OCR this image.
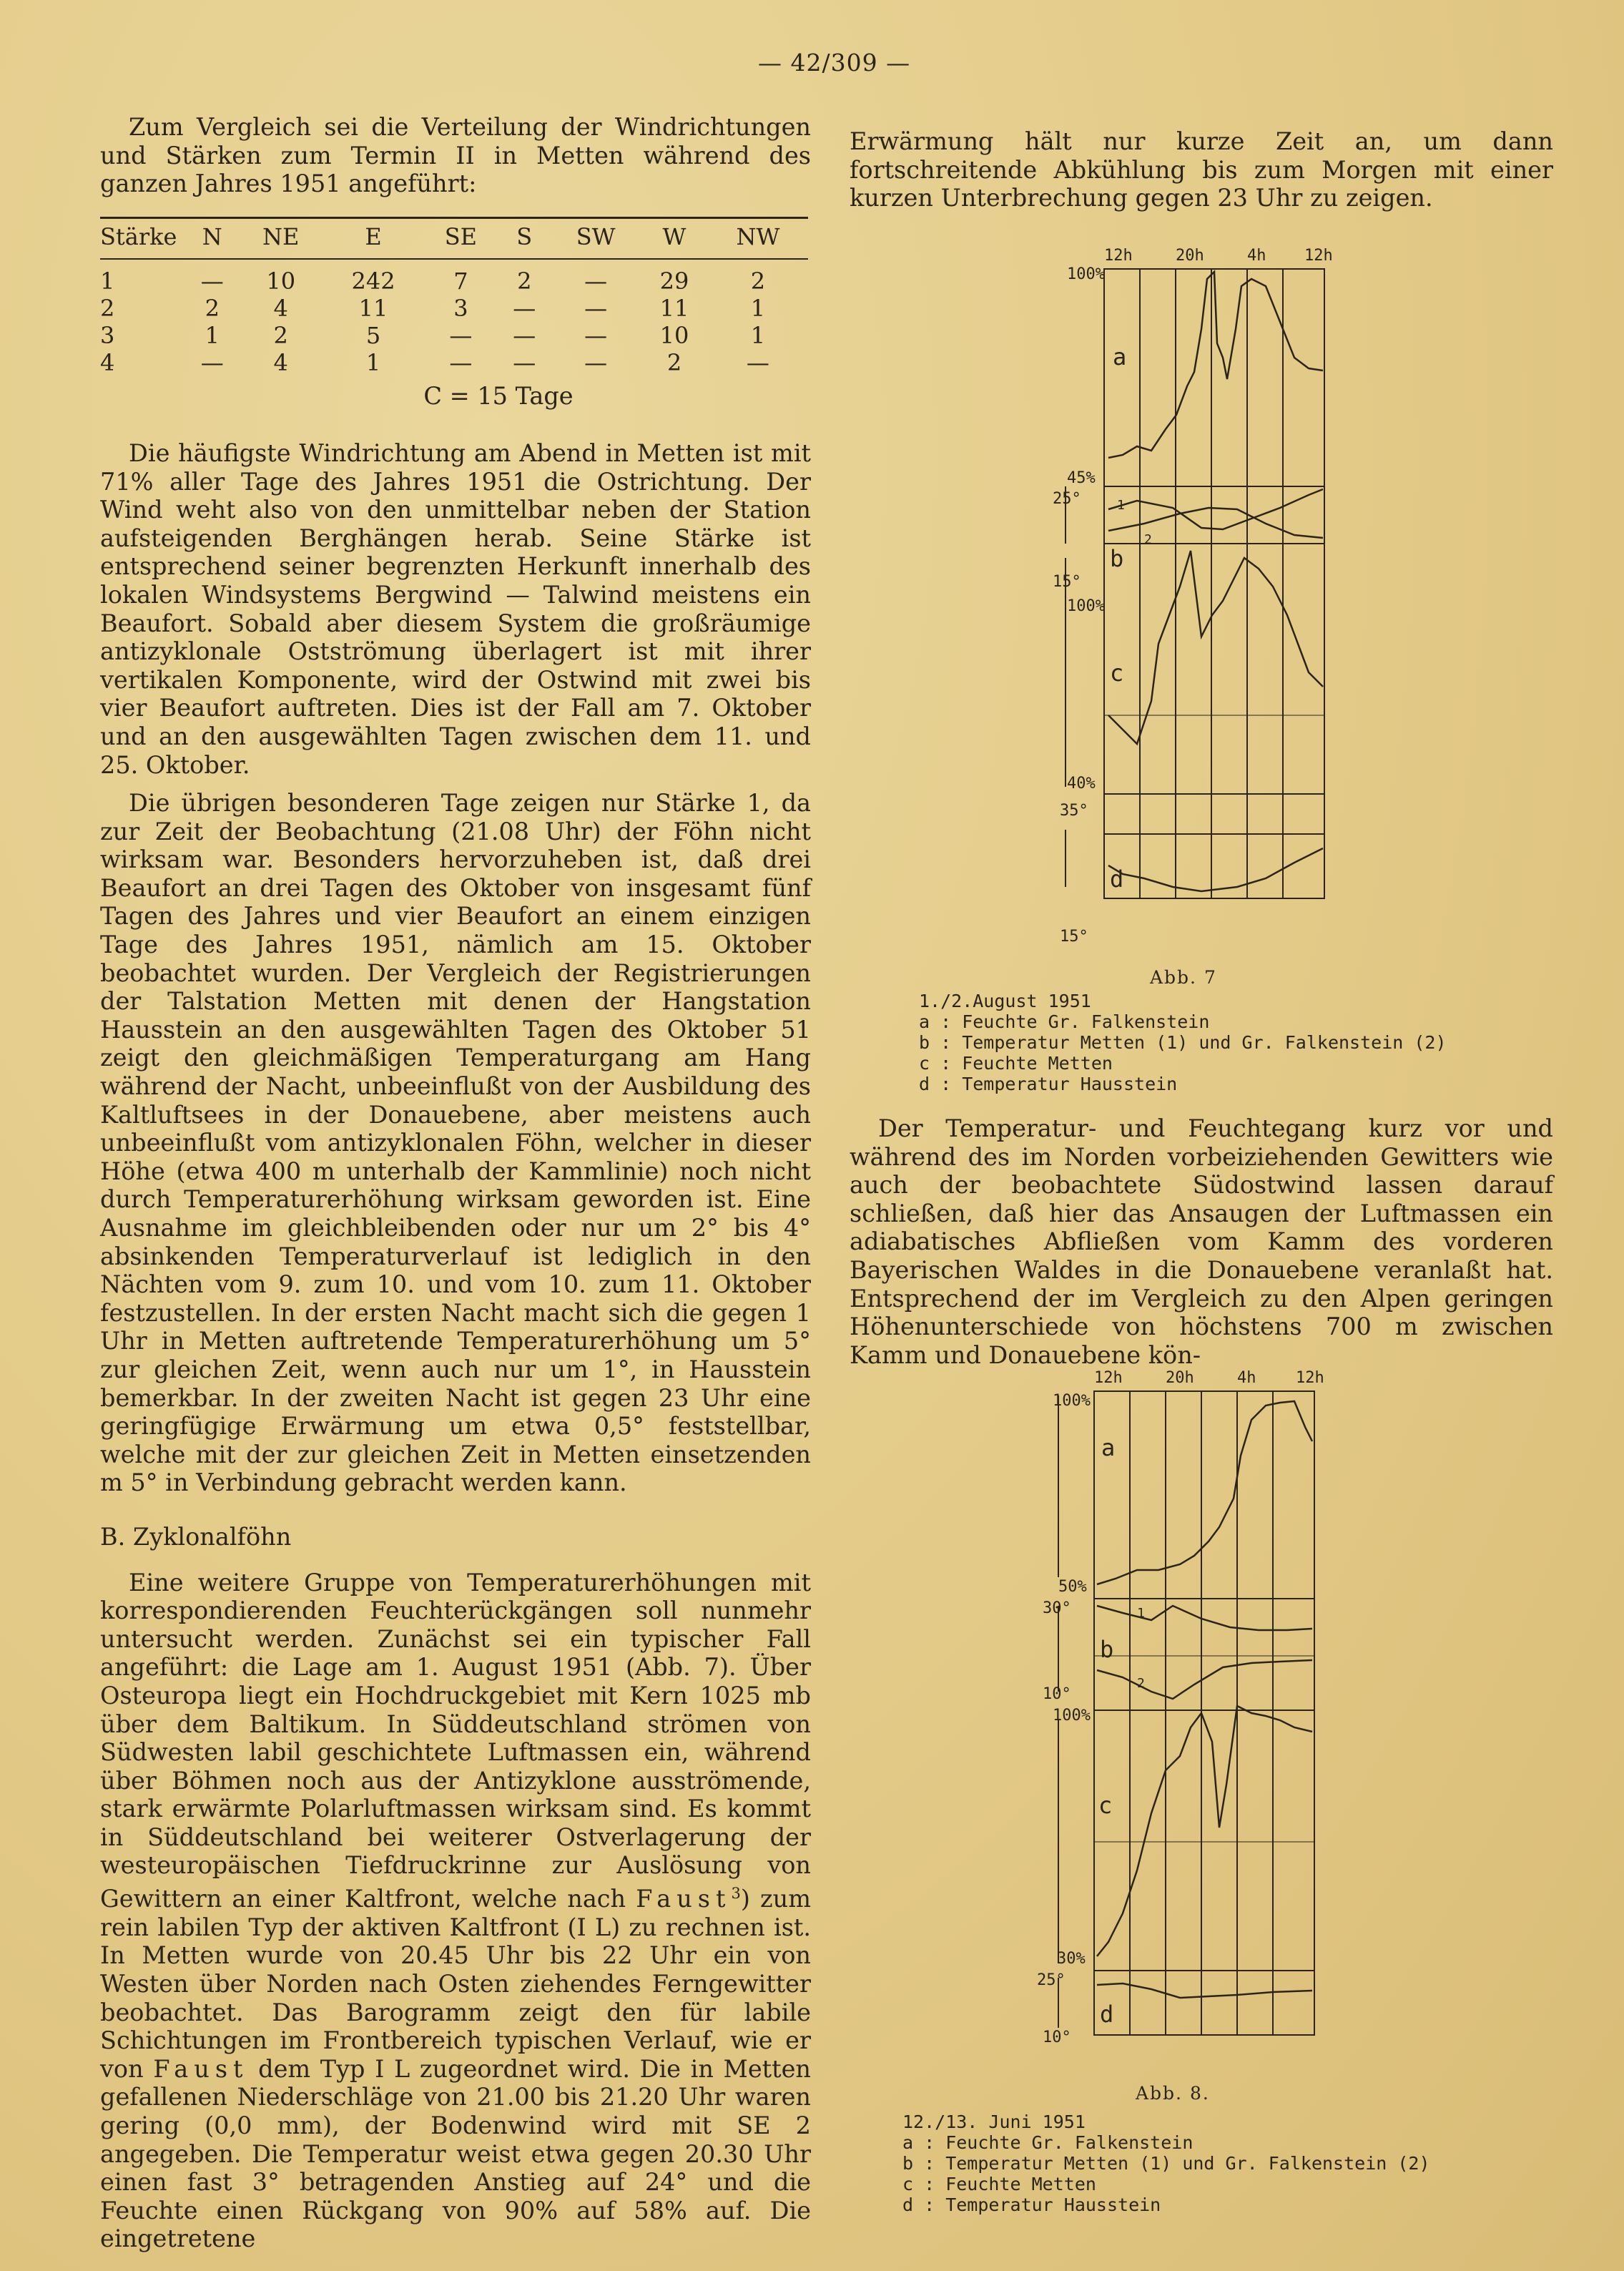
— 42/309 —

Zum Vergleich sei die Verteilung der Windrichtungen und Stärken zum Termin II in Metten während des ganzen Jahres 1951 angeführt:

Stärke	N	NE	E	SE	S	SW	W	NW
1	—	10	242	7	2	—	29	2
2	2	4	11	3	—	—	11	1
3	1	2	5	—	—	—	10	1
4	—	4	1	—	—	—	2	—
C = 15 Tage

Die häufigste Windrichtung am Abend in Metten ist mit 71% aller Tage des Jahres 1951 die Ostrichtung. Der Wind weht also von den unmittelbar neben der Station aufsteigenden Berghängen herab. Seine Stärke ist entsprechend seiner begrenzten Herkunft innerhalb des lokalen Windsystems Bergwind — Talwind meistens ein Beaufort. Sobald aber diesem System die großräumige antizyklonale Ostströmung überlagert ist mit ihrer vertikalen Komponente, wird der Ostwind mit zwei bis vier Beaufort auftreten. Dies ist der Fall am 7. Oktober und an den ausgewählten Tagen zwischen dem 11. und 25. Oktober.

Die übrigen besonderen Tage zeigen nur Stärke 1, da zur Zeit der Beobachtung (21.08 Uhr) der Föhn nicht wirksam war. Besonders hervorzuheben ist, daß drei Beaufort an drei Tagen des Oktober von insgesamt fünf Tagen des Jahres und vier Beaufort an einem einzigen Tage des Jahres 1951, nämlich am 15. Oktober beobachtet wurden. Der Vergleich der Registrierungen der Talstation Metten mit denen der Hangstation Hausstein an den ausgewählten Tagen des Oktober 51 zeigt den gleichmäßigen Temperaturgang am Hang während der Nacht, unbeeinflußt von der Ausbildung des Kaltluftsees in der Donauebene, aber meistens auch unbeeinflußt vom antizyklonalen Föhn, welcher in dieser Höhe (etwa 400 m unterhalb der Kammlinie) noch nicht durch Temperaturerhöhung wirksam geworden ist. Eine Ausnahme im gleichbleibenden oder nur um 2° bis 4° absinkenden Temperaturverlauf ist lediglich in den Nächten vom 9. zum 10. und vom 10. zum 11. Oktober festzustellen. In der ersten Nacht macht sich die gegen 1 Uhr in Metten auftretende Temperaturerhöhung um 5° zur gleichen Zeit, wenn auch nur um 1°, in Hausstein bemerkbar. In der zweiten Nacht ist gegen 23 Uhr eine geringfügige Erwärmung um etwa 0,5° feststellbar, welche mit der zur gleichen Zeit in Metten einsetzenden m 5° in Verbindung gebracht werden kann.

B. Zyklonalföhn

Eine weitere Gruppe von Temperaturerhöhungen mit korrespondierenden Feuchterückgängen soll nunmehr untersucht werden. Zunächst sei ein typischer Fall angeführt: die Lage am 1. August 1951 (Abb. 7). Über Osteuropa liegt ein Hochdruckgebiet mit Kern 1025 mb über dem Baltikum. In Süddeutschland strömen von Südwesten labil geschichtete Luftmassen ein, während über Böhmen noch aus der Antizyklone ausströmende, stark erwärmte Polarluftmassen wirksam sind. Es kommt in Süddeutschland bei weiterer Ostverlagerung der westeuropäischen Tiefdruckrinne zur Auslösung von Gewittern an einer Kaltfront, welche nach Faust$^3$) zum rein labilen Typ der aktiven Kaltfront (I L) zu rechnen ist. In Metten wurde von 20.45 Uhr bis 22 Uhr ein von Westen über Norden nach Osten ziehendes Ferngewitter beobachtet. Das Barogramm zeigt den für labile Schichtungen im Frontbereich typischen Verlauf, wie er von Faust dem Typ I L zugeordnet wird. Die in Metten gefallenen Niederschläge von 21.00 bis 21.20 Uhr waren gering (0,0 mm), der Bodenwind wird mit SE 2 angegeben. Die Temperatur weist etwa gegen 20.30 Uhr einen fast 3° betragenden Anstieg auf 24° und die Feuchte einen Rückgang von 90% auf 58% auf. Die eingetretene

Erwärmung hält nur kurze Zeit an, um dann fortschreitende Abkühlung bis zum Morgen mit einer kurzen Unterbrechung gegen 23 Uhr zu zeigen.

Der Temperatur- und Feuchtegang kurz vor und während des im Norden vorbeiziehenden Gewitters wie auch der beobachtete Südostwind lassen darauf schließen, daß hier das Ansaugen der Luftmassen ein adiabatisches Abfließen vom Kamm des vorderen Bayerischen Waldes in die Donauebene veranlaßt hat. Entsprechend der im Vergleich zu den Alpen geringen Höhenunterschiede von höchstens 700 m zwischen Kamm und Donauebene kön-

12h	20h	4h 12h
100%
45%
25°
15°
100%
40%
35°
15°
a
b
c
d
1
2
Abb. 7
1./2.August 1951
a : Feuchte Gr. Falkenstein
b : Temperatur Metten (1) und Gr. Falkenstein (2)
c : Feuchte Metten
d : Temperatur Hausstein
12h	20h	4h	12h
100%
50%
30°
10°
100%
30%
25°
10°
a
b
c
d
1
2
Abb. 8.
12./13. Juni 1951
a : Feuchte Gr. Falkenstein
b : Temperatur Metten (1) und Gr. Falkenstein (2)
c : Feuchte Metten
d : Temperatur Hausstein
